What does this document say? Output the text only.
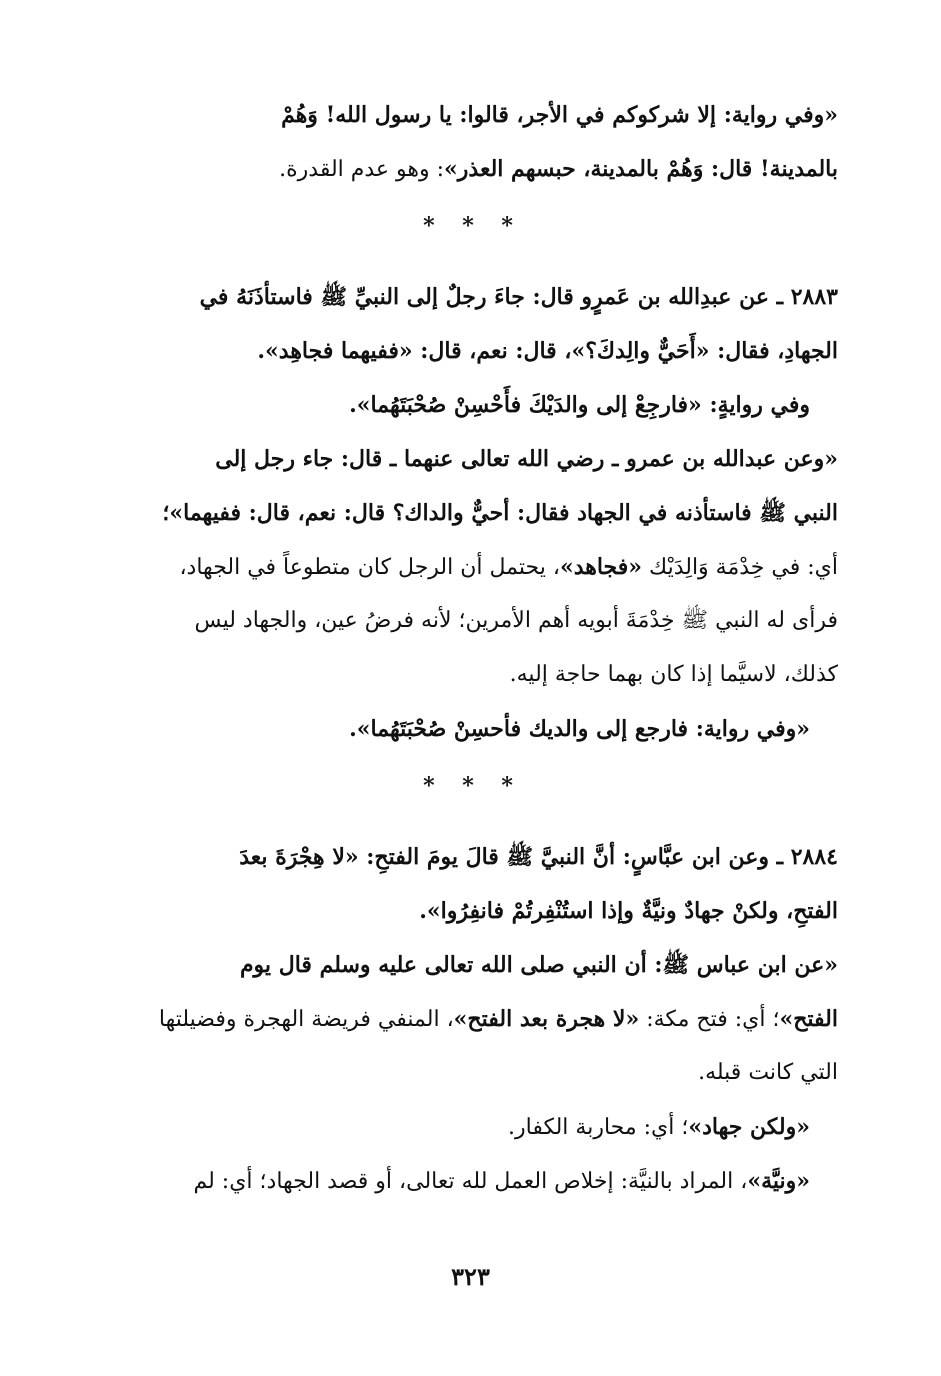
«وفي رواية: إلا شركوكم في الأجر، قالوا: يا رسول الله! وَهُمْ
بالمدينة! قال: وَهُمْ بالمدينة، حبسهم العذر»: وهو عدم القدرة.
* * *
٢٨٨٣ ـ عن عبدِالله بن عَمرٍو قال: جاءَ رجلٌ إلى النبيِّ ﷺ فاستأذَنَهُ في
الجهادِ، فقال: «أَحَيٌّ والِدكَ؟»، قال: نعم، قال: «ففيهما فجاهِد».
وفي روايةٍ: «فارجِعْ إلى والدَيْكَ فأَحْسِنْ صُحْبَتَهُما».
«وعن عبدالله بن عمرو ـ رضي الله تعالى عنهما ـ قال: جاء رجل إلى
النبي ﷺ فاستأذنه في الجهاد فقال: أحيٌّ والداك؟ قال: نعم، قال: ففيهما»؛
أي: في خِدْمَة وَالِدَيْك «فجاهد»، يحتمل أن الرجل كان متطوعاً في الجهاد،
فرأى له النبي ﷺ خِدْمَةَ أبويه أهم الأمرين؛ لأنه فرضُ عين، والجهاد ليس
كذلك، لاسيَّما إذا كان بهما حاجة إليه.
«وفي رواية: فارجع إلى والديك فأحسِنْ صُحْبَتَهُما».
* * *
٢٨٨٤ ـ وعن ابن عبَّاسٍ: أنَّ النبيَّ ﷺ قالَ يومَ الفتحِ: «لا هِجْرَةَ بعدَ
الفتحِ، ولكنْ جهادٌ ونيَّةٌ وإذا استُنْفِرتُمْ فانفِرُوا».
«عن ابن عباس ﷺ: أن النبي صلى الله تعالى عليه وسلم قال يوم
الفتح»؛ أي: فتح مكة: «لا هجرة بعد الفتح»، المنفي فريضة الهجرة وفضيلتها
التي كانت قبله.
«ولكن جهاد»؛ أي: محاربة الكفار.
«ونيَّة»، المراد بالنيَّة: إخلاص العمل لله تعالى، أو قصد الجهاد؛ أي: لم
٣٢٣
